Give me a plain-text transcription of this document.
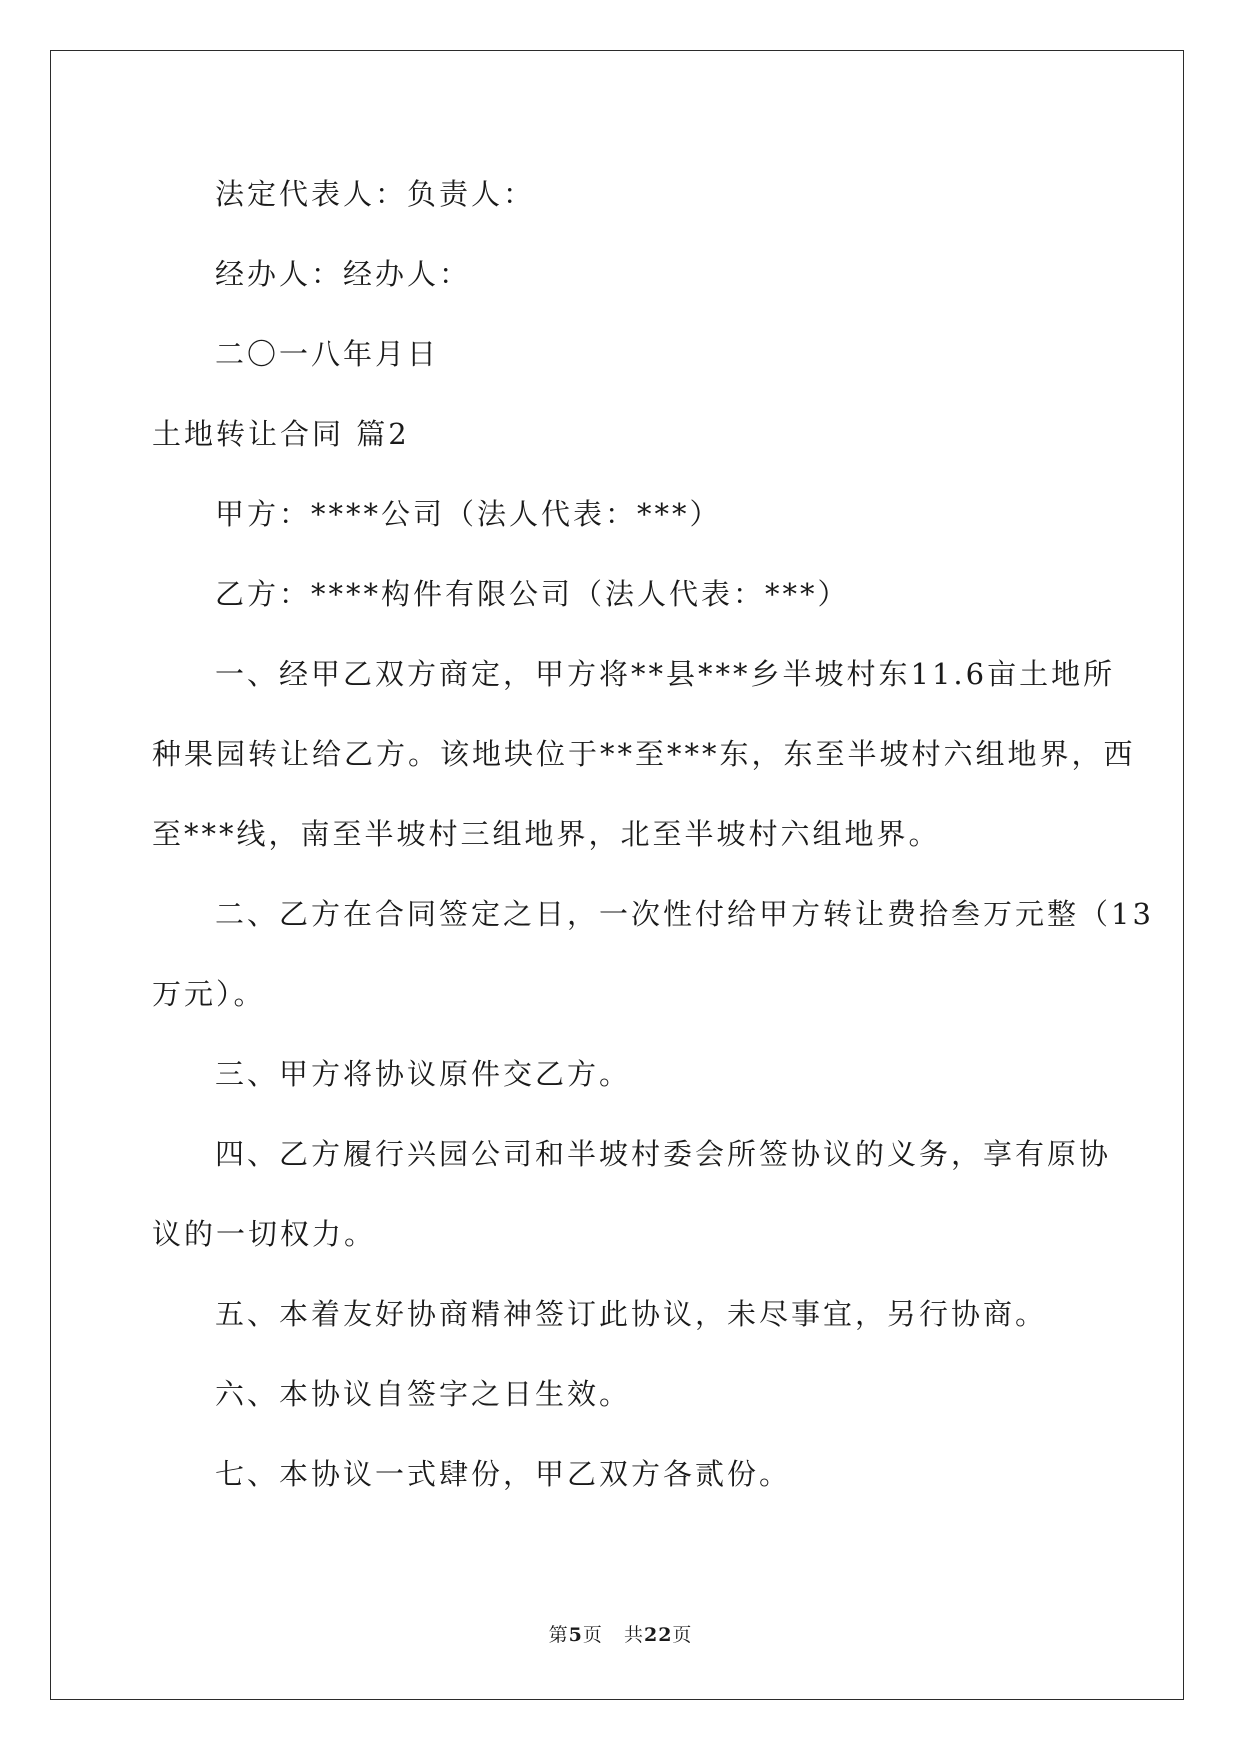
法定代表人：负责人：
经办人：经办人：
二〇一八年月日
土地转让合同 篇2
甲方：****公司（法人代表：***）
乙方：****构件有限公司（法人代表：***）
一、经甲乙双方商定，甲方将**县***乡半坡村东11.6亩土地所
种果园转让给乙方。该地块位于**至***东，东至半坡村六组地界，西
至***线，南至半坡村三组地界，北至半坡村六组地界。
二、乙方在合同签定之日，一次性付给甲方转让费拾叁万元整（13
万元）。
三、甲方将协议原件交乙方。
四、乙方履行兴园公司和半坡村委会所签协议的义务，享有原协
议的一切权力。
五、本着友好协商精神签订此协议，未尽事宜，另行协商。
六、本协议自签字之日生效。
七、本协议一式肆份，甲乙双方各贰份。
第5页 共22页
